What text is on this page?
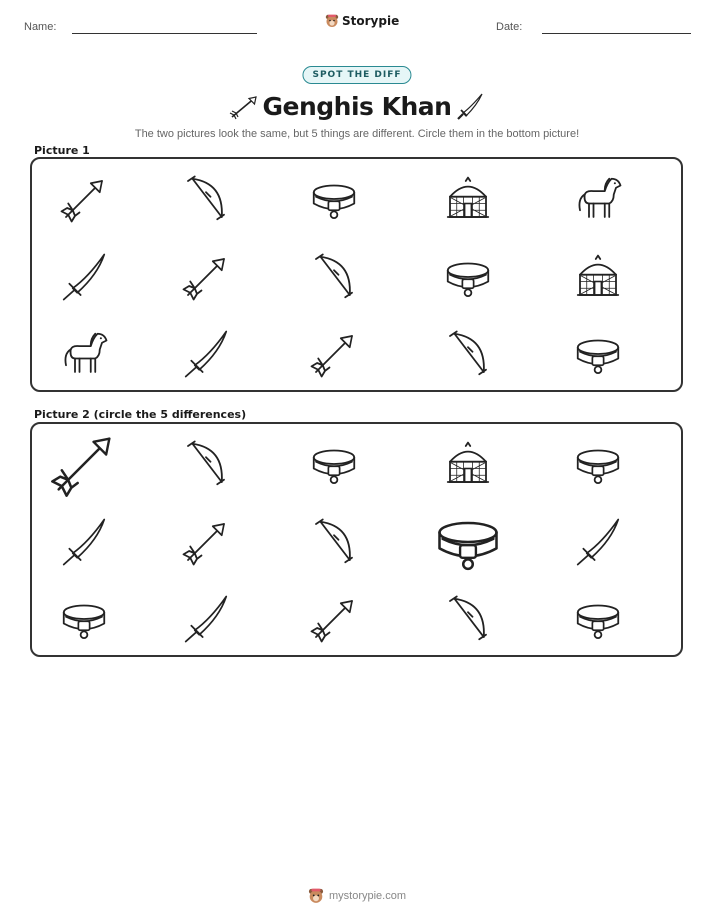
Name:	Storypie	Date:
SPOT THE DIFF
Genghis Khan
The two pictures look the same, but 5 things are different. Circle them in the bottom picture!
Picture 1
Picture 2 (circle the 5 differences)
mystorypie.com
